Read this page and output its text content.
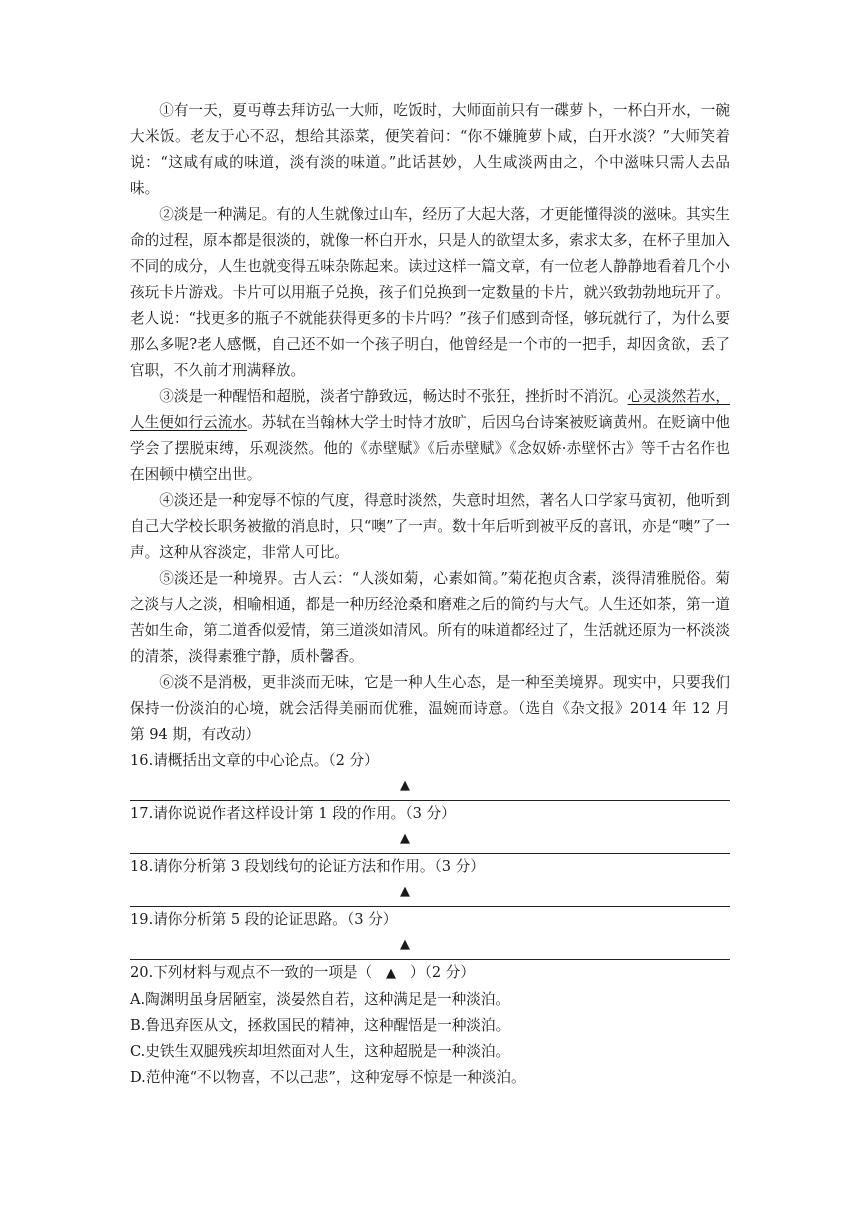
①有一天，夏丏尊去拜访弘一大师，吃饭时，大师面前只有一碟萝卜，一杯白开水，一碗大米饭。老友于心不忍，想给其添菜，便笑着问：“你不嫌腌萝卜咸，白开水淡？”大师笑着说：“这咸有咸的味道，淡有淡的味道。”此话甚妙，人生咸淡两由之，个中滋味只需人去品味。

②淡是一种满足。有的人生就像过山车，经历了大起大落，才更能懂得淡的滋味。其实生命的过程，原本都是很淡的，就像一杯白开水，只是人的欲望太多，索求太多，在杯子里加入不同的成分，人生也就变得五味杂陈起来。读过这样一篇文章，有一位老人静静地看着几个小孩玩卡片游戏。卡片可以用瓶子兑换，孩子们兑换到一定数量的卡片，就兴致勃勃地玩开了。老人说：“找更多的瓶子不就能获得更多的卡片吗？”孩子们感到奇怪，够玩就行了，为什么要那么多呢?老人感慨，自己还不如一个孩子明白，他曾经是一个市的一把手，却因贪欲，丢了官职，不久前才刑满释放。

③淡是一种醒悟和超脱，淡者宁静致远，畅达时不张狂，挫折时不消沉。心灵淡然若水，人生便如行云流水。苏轼在当翰林大学士时恃才放旷，后因乌台诗案被贬谪黄州。在贬谪中他学会了摆脱束缚，乐观淡然。他的《赤壁赋》《后赤壁赋》《念奴娇·赤壁怀古》等千古名作也在困顿中横空出世。

④淡还是一种宠辱不惊的气度，得意时淡然，失意时坦然，著名人口学家马寅初，他听到自己大学校长职务被撤的消息时，只“噢”了一声。数十年后听到被平反的喜讯，亦是“噢”了一声。这种从容淡定，非常人可比。

⑤淡还是一种境界。古人云：“人淡如菊，心素如简。”菊花抱贞含素，淡得清雅脱俗。菊之淡与人之淡，相喻相通，都是一种历经沧桑和磨难之后的简约与大气。人生还如茶，第一道苦如生命，第二道香似爱情，第三道淡如清风。所有的味道都经过了，生活就还原为一杯淡淡的清茶，淡得素雅宁静，质朴馨香。

⑥淡不是消极，更非淡而无味，它是一种人生心态，是一种至美境界。现实中，只要我们保持一份淡泊的心境，就会活得美丽而优雅，温婉而诗意。（选自《杂文报》2014 年 12 月第 94 期，有改动）

16.请概括出文章的中心论点。（2 分）

▲

17.请你说说作者这样设计第 1 段的作用。（3 分）

▲

18.请你分析第 3 段划线句的论证方法和作用。（3 分）

▲

19.请你分析第 5 段的论证思路。（3 分）

▲

20.下列材料与观点不一致的一项是（ ▲ ）（2 分）

A.陶渊明虽身居陋室，淡晏然自若，这种满足是一种淡泊。

B.鲁迅弃医从文，拯救国民的精神，这种醒悟是一种淡泊。

C.史铁生双腿残疾却坦然面对人生，这种超脱是一种淡泊。

D.范仲淹“不以物喜，不以己悲”，这种宠辱不惊是一种淡泊。
